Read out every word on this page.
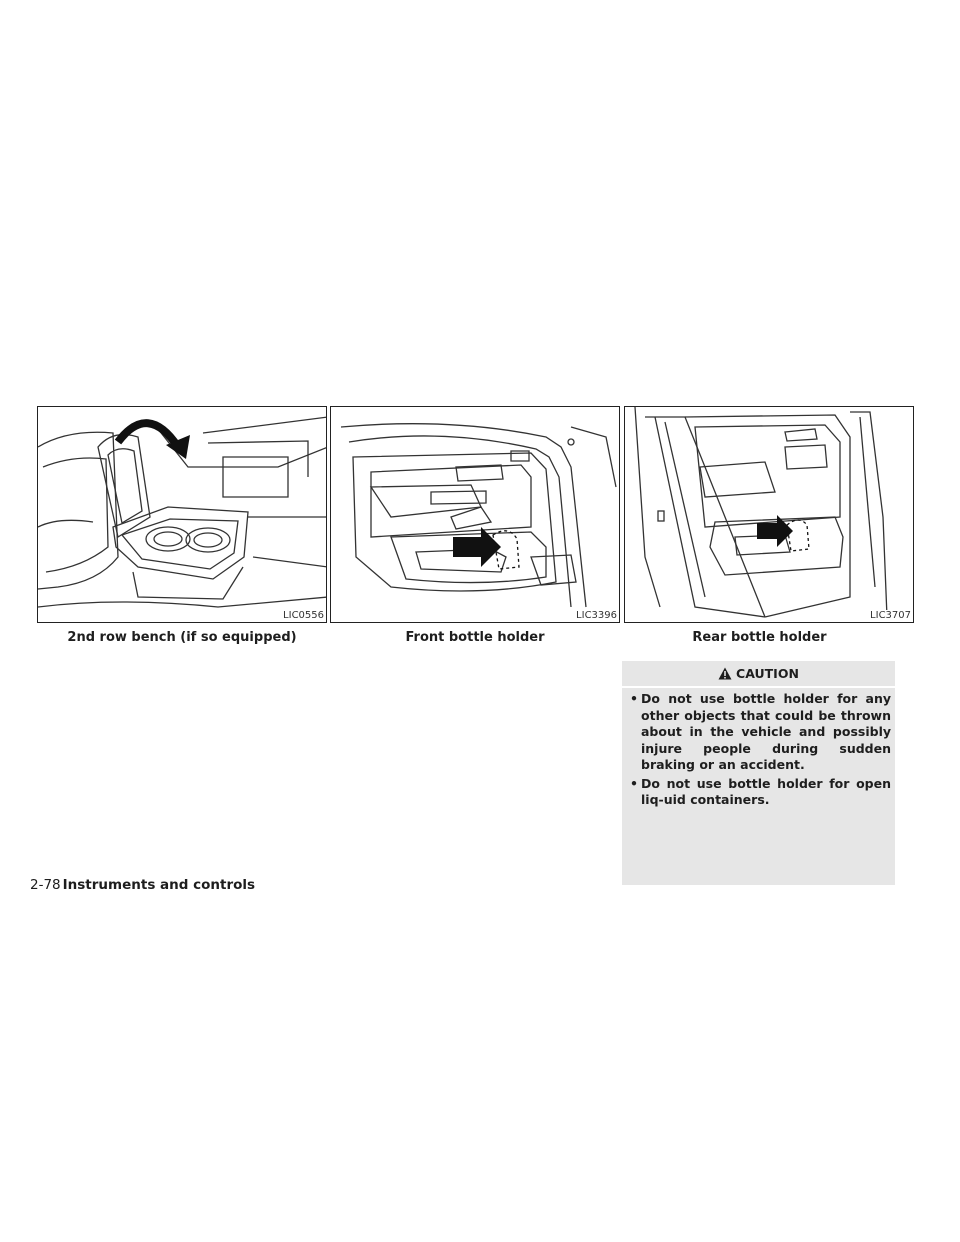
LIC0556
2nd row bench (if so equipped)
LIC3396
Front bottle holder
LIC3707
Rear bottle holder
CAUTION
• Do not use bottle holder for any other objects that could be thrown about in the vehicle and possibly injure people during sudden braking or an accident.
• Do not use bottle holder for open liq-uid containers.
2-78 Instruments and controls
